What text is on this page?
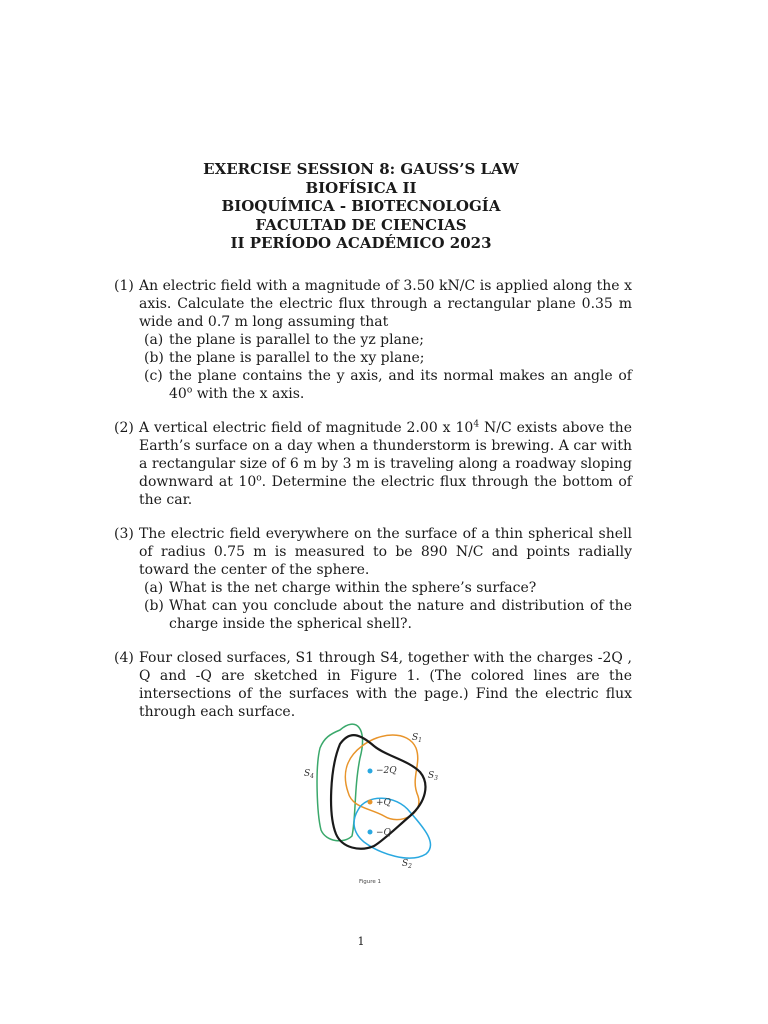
EXERCISE SESSION 8: GAUSS’S LAW
BIOFÍSICA II
BIOQUÍMICA - BIOTECNOLOGÍA
FACULTAD DE CIENCIAS
II PERÍODO ACADÉMICO 2023
(1) An electric field with a magnitude of 3.50 kN/C is applied along the x axis. Calculate the electric flux through a rectangular plane 0.35 m wide and 0.7 m long assuming that
(a) the plane is parallel to the yz plane;
(b) the plane is parallel to the xy plane;
(c) the plane contains the y axis, and its normal makes an angle of 40$^o$ with the x axis.
(2) A vertical electric field of magnitude 2.00 x $10^4$ N/C exists above the Earth’s surface on a day when a thunderstorm is brewing. A car with a rectangular size of 6 m by 3 m is traveling along a roadway sloping downward at 10$^o$. Determine the electric flux through the bottom of the car.
(3) The electric field everywhere on the surface of a thin spherical shell of radius 0.75 m is measured to be 890 N/C and points radially toward the center of the sphere.
(a) What is the net charge within the sphere’s surface?
(b) What can you conclude about the nature and distribution of the charge inside the spherical shell?.
(4) Four closed surfaces, S1 through S4, together with the charges -2Q , Q and -Q are sketched in Figure 1. (The colored lines are the intersections of the surfaces with the page.) Find the electric flux through each surface.
−2Q
+Q
−Q
$S_1$
$S_2$
$S_3$
$S_4$
Figure 1
1
